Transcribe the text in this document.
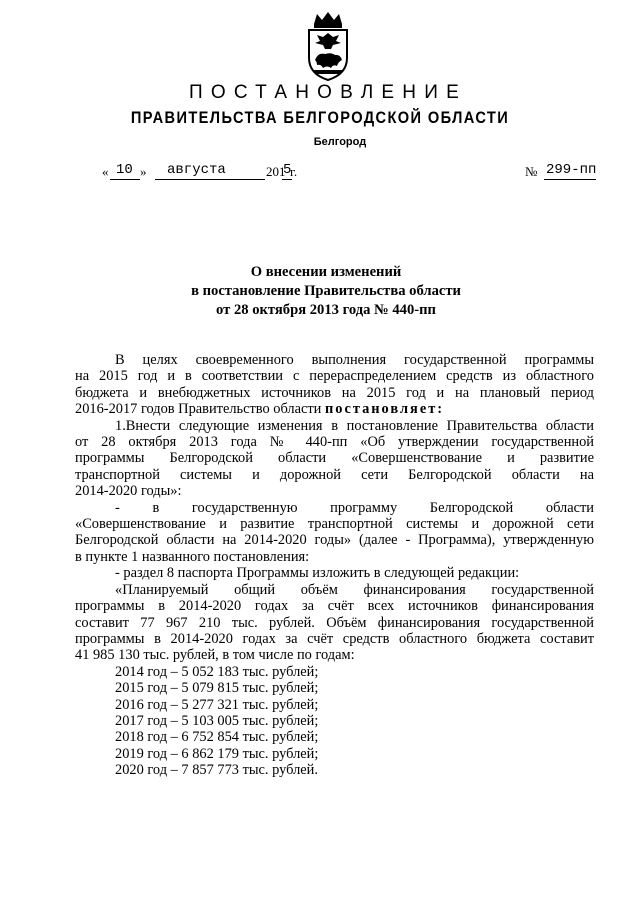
ПОСТАНОВЛЕНИЕ
ПРАВИТЕЛЬСТВА БЕЛГОРОДСКОЙ ОБЛАСТИ
Белгород
« 10 » августа	201
5
г.	№ 299-пп
О внесении изменений
в постановление Правительства области
от 28 октября 2013 года № 440-пп
В целях своевременного выполнения государственной программы
на 2015 год и в соответствии с перераспределением средств из областного
бюджета и внебюджетных источников на 2015 год и на плановый период
2016-2017 годов Правительство области постановляет:
1.Внести следующие изменения в постановление Правительства области
от 28 октября 2013 года № 440-пп «Об утверждении государственной
программы Белгородской области «Совершенствование и развитие
транспортной системы и дорожной сети Белгородской области на
2014-2020 годы»:
- в государственную программу Белгородской области
«Совершенствование и развитие транспортной системы и дорожной сети
Белгородской области на 2014-2020 годы» (далее - Программа), утвержденную
в пункте 1 названного постановления:
- раздел 8 паспорта Программы изложить в следующей редакции:
«Планируемый общий объём финансирования государственной
программы в 2014-2020 годах за счёт всех источников финансирования
составит 77 967 210 тыс. рублей. Объём финансирования государственной
программы в 2014-2020 годах за счёт средств областного бюджета составит
41 985 130 тыс. рублей, в том числе по годам:
2014 год – 5 052 183 тыс. рублей;
2015 год – 5 079 815 тыс. рублей;
2016 год – 5 277 321 тыс. рублей;
2017 год – 5 103 005 тыс. рублей;
2018 год – 6 752 854 тыс. рублей;
2019 год – 6 862 179 тыс. рублей;
2020 год – 7 857 773 тыс. рублей.
